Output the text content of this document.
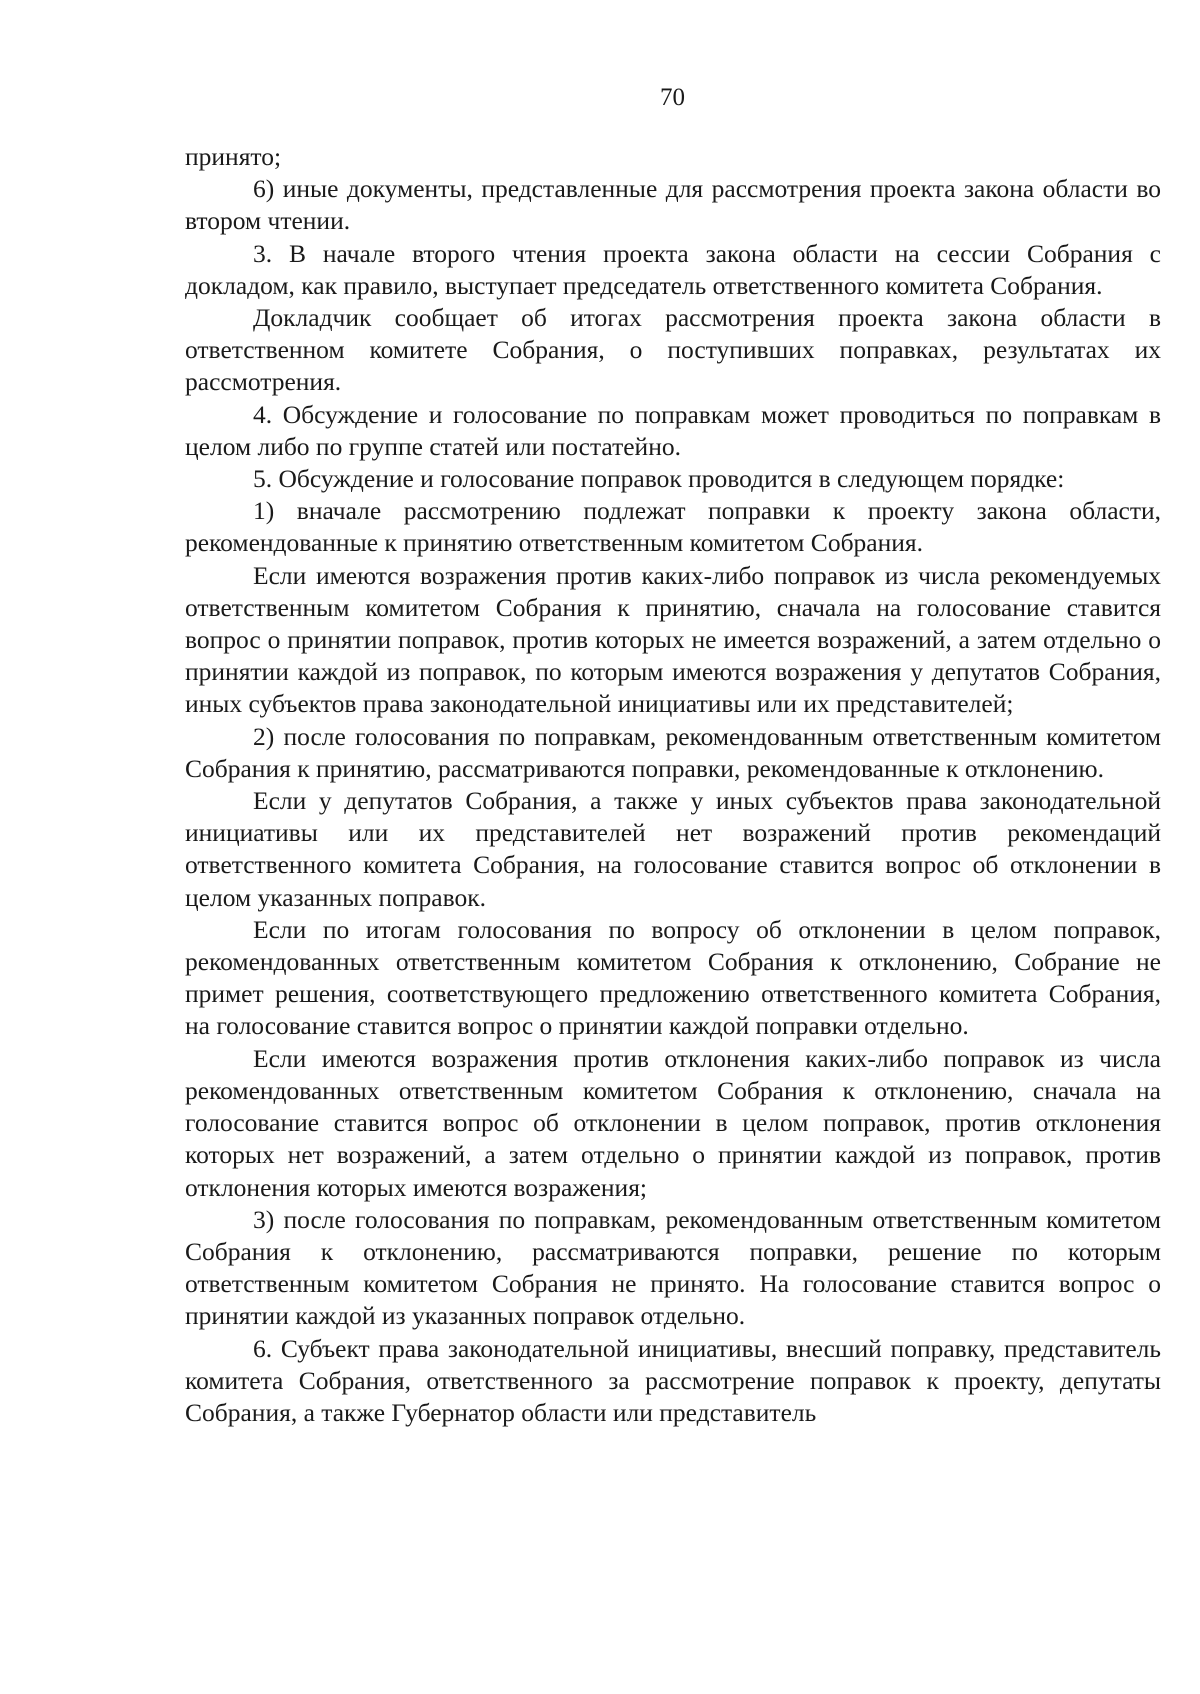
70

принято;

6) иные документы, представленные для рассмотрения проекта закона области во втором чтении.

3. В начале второго чтения проекта закона области на сессии Собрания с докладом, как правило, выступает председатель ответственного комитета Собрания.

Докладчик сообщает об итогах рассмотрения проекта закона области в ответственном комитете Собрания, о поступивших поправках, результатах их рассмотрения.

4. Обсуждение и голосование по поправкам может проводиться по поправкам в целом либо по группе статей или постатейно.

5. Обсуждение и голосование поправок проводится в следующем порядке:

1) вначале рассмотрению подлежат поправки к проекту закона области, рекомендованные к принятию ответственным комитетом Собрания.

Если имеются возражения против каких-либо поправок из числа рекомендуемых ответственным комитетом Собрания к принятию, сначала на голосование ставится вопрос о принятии поправок, против которых не имеется возражений, а затем отдельно о принятии каждой из поправок, по которым имеются возражения у депутатов Собрания, иных субъектов права законодательной инициативы или их представителей;

2) после голосования по поправкам, рекомендованным ответственным комитетом Собрания к принятию, рассматриваются поправки, рекомендованные к отклонению.

Если у депутатов Собрания, а также у иных субъектов права законодательной инициативы или их представителей нет возражений против рекомендаций ответственного комитета Собрания, на голосование ставится вопрос об отклонении в целом указанных поправок.

Если по итогам голосования по вопросу об отклонении в целом поправок, рекомендованных ответственным комитетом Собрания к отклонению, Собрание не примет решения, соответствующего предложению ответственного комитета Собрания, на голосование ставится вопрос о принятии каждой поправки отдельно.

Если имеются возражения против отклонения каких-либо поправок из числа рекомендованных ответственным комитетом Собрания к отклонению, сначала на голосование ставится вопрос об отклонении в целом поправок, против отклонения которых нет возражений, а затем отдельно о принятии каждой из поправок, против отклонения которых имеются возражения;

3) после голосования по поправкам, рекомендованным ответственным комитетом Собрания к отклонению, рассматриваются поправки, решение по которым ответственным комитетом Собрания не принято. На голосование ставится вопрос о принятии каждой из указанных поправок отдельно.

6. Субъект права законодательной инициативы, внесший поправку, представитель комитета Собрания, ответственного за рассмотрение поправок к проекту, депутаты Собрания, а также Губернатор области или представитель
